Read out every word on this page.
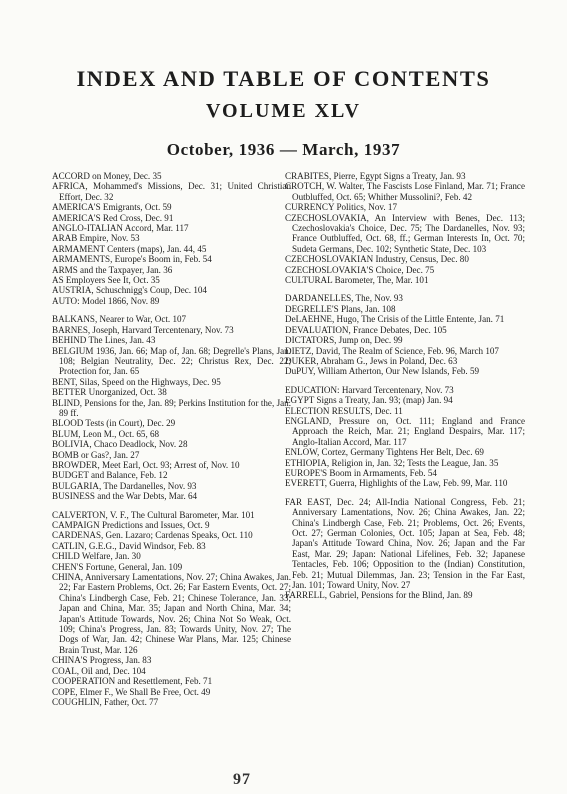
INDEX AND TABLE OF CONTENTS
VOLUME XLV
October, 1936 — March, 1937
ACCORD on Money, Dec. 35
AFRICA, Mohammed's Missions, Dec. 31; United Christian Effort, Dec. 32
AMERICA'S Emigrants, Oct. 59
AMERICA'S Red Cross, Dec. 91
ANGLO-ITALIAN Accord, Mar. 117
ARAB Empire, Nov. 53
ARMAMENT Centers (maps), Jan. 44, 45
ARMAMENTS, Europe's Boom in, Feb. 54
ARMS and the Taxpayer, Jan. 36
AS Employers See It, Oct. 35
AUSTRIA, Schuschnigg's Coup, Dec. 104
AUTO: Model 1866, Nov. 89
BALKANS, Nearer to War, Oct. 107
BARNES, Joseph, Harvard Tercentenary, Nov. 73
BEHIND The Lines, Jan. 43
BELGIUM 1936, Jan. 66; Map of, Jan. 68; Degrelle's Plans, Jan. 108; Belgian Neutrality, Dec. 22; Christus Rex, Dec. 22; Protection for, Jan. 65
BENT, Silas, Speed on the Highways, Dec. 95
BETTER Unorganized, Oct. 38
BLIND, Pensions for the, Jan. 89; Perkins Institution for the, Jan. 89 ff.
BLOOD Tests (in Court), Dec. 29
BLUM, Leon M., Oct. 65, 68
BOLIVIA, Chaco Deadlock, Nov. 28
BOMB or Gas?, Jan. 27
BROWDER, Meet Earl, Oct. 93; Arrest of, Nov. 10
BUDGET and Balance, Feb. 12
BULGARIA, The Dardanelles, Nov. 93
BUSINESS and the War Debts, Mar. 64
CALVERTON, V. F., The Cultural Barometer, Mar. 101
CAMPAIGN Predictions and Issues, Oct. 9
CARDENAS, Gen. Lazaro; Cardenas Speaks, Oct. 110
CATLIN, G.E.G., David Windsor, Feb. 83
CHILD Welfare, Jan. 30
CHEN'S Fortune, General, Jan. 109
CHINA, Anniversary Lamentations, Nov. 27; China Awakes, Jan. 22; Far Eastern Problems, Oct. 26; Far Eastern Events, Oct. 27; China's Lindbergh Case, Feb. 21; Chinese Tolerance, Jan. 33; Japan and China, Mar. 35; Japan and North China, Mar. 34; Japan's Attitude Towards, Nov. 26; China Not So Weak, Oct. 109; China's Progress, Jan. 83; Towards Unity, Nov. 27; The Dogs of War, Jan. 42; Chinese War Plans, Mar. 125; Chinese Brain Trust, Mar. 126
CHINA'S Progress, Jan. 83
COAL, Oil and, Dec. 104
COOPERATION and Resettlement, Feb. 71
COPE, Elmer F., We Shall Be Free, Oct. 49
COUGHLIN, Father, Oct. 77
CRABITES, Pierre, Egypt Signs a Treaty, Jan. 93
CROTCH, W. Walter, The Fascists Lose Finland, Mar. 71; France Outbluffed, Oct. 65; Whither Mussolini?, Feb. 42
CURRENCY Politics, Nov. 17
CZECHOSLOVAKIA, An Interview with Benes, Dec. 113; Czechoslovakia's Choice, Dec. 75; The Dardanelles, Nov. 93; France Outbluffed, Oct. 68, ff.; German Interests In, Oct. 70; Sudeta Germans, Dec. 102; Synthetic State, Dec. 103
CZECHOSLOVAKIAN Industry, Census, Dec. 80
CZECHOSLOVAKIA'S Choice, Dec. 75
CULTURAL Barometer, The, Mar. 101
DARDANELLES, The, Nov. 93
DEGRELLE'S Plans, Jan. 108
DeLAEHNE, Hugo, The Crisis of the Little Entente, Jan. 71
DEVALUATION, France Debates, Dec. 105
DICTATORS, Jump on, Dec. 99
DIETZ, David, The Realm of Science, Feb. 96, March 107
DUKER, Abraham G., Jews in Poland, Dec. 63
DuPUY, William Atherton, Our New Islands, Feb. 59
EDUCATION: Harvard Tercentenary, Nov. 73
EGYPT Signs a Treaty, Jan. 93; (map) Jan. 94
ELECTION RESULTS, Dec. 11
ENGLAND, Pressure on, Oct. 111; England and France Approach the Reich, Mar. 21; England Despairs, Mar. 117; Anglo-Italian Accord, Mar. 117
ENLOW, Cortez, Germany Tightens Her Belt, Dec. 69
ETHIOPIA, Religion in, Jan. 32; Tests the League, Jan. 35
EUROPE'S Boom in Armaments, Feb. 54
EVERETT, Guerra, Highlights of the Law, Feb. 99, Mar. 110
FAR EAST, Dec. 24; All-India National Congress, Feb. 21; Anniversary Lamentations, Nov. 26; China Awakes, Jan. 22; China's Lindbergh Case, Feb. 21; Problems, Oct. 26; Events, Oct. 27; German Colonies, Oct. 105; Japan at Sea, Feb. 48; Japan's Attitude Toward China, Nov. 26; Japan and the Far East, Mar. 29; Japan: National Lifelines, Feb. 32; Japanese Tentacles, Feb. 106; Opposition to the (Indian) Constitution, Feb. 21; Mutual Dilemmas, Jan. 23; Tension in the Far East, Jan. 101; Toward Unity, Nov. 27
FARRELL, Gabriel, Pensions for the Blind, Jan. 89
97
